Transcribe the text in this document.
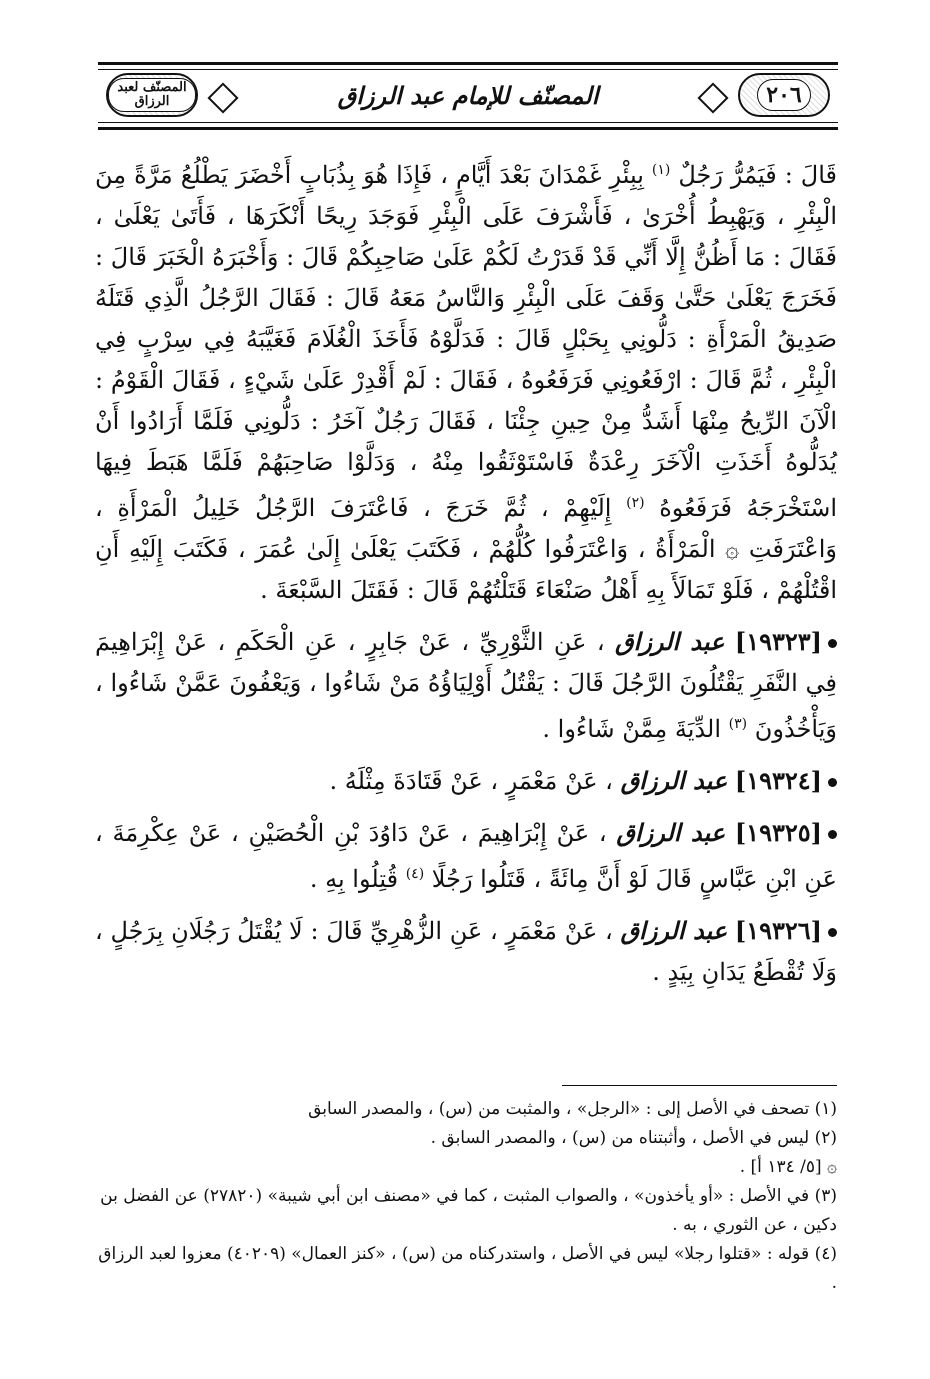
٢٠٦
المصنّف للإمام عبد الرزاق
المصنّف لعبد الرزاق

قَالَ : فَيَمُرُّ رَجُلٌ $^{(١)}$ بِبِئْرِ غَمْدَانَ بَعْدَ أَيَّامٍ ، فَإِذَا هُوَ بِذُبَابٍ أَخْضَرَ يَطْلُعُ مَرَّةً مِنَ الْبِئْرِ ، وَيَهْبِطُ أُخْرَىٰ ، فَأَشْرَفَ عَلَى الْبِئْرِ فَوَجَدَ رِيحًا أَنْكَرَهَا ، فَأَتَىٰ يَعْلَىٰ ، فَقَالَ : مَا أَظُنُّ إِلَّا أَنِّي قَدْ قَدَرْتُ لَكُمْ عَلَىٰ صَاحِبِكُمْ قَالَ : وَأَخْبَرَهُ الْخَبَرَ قَالَ : فَخَرَجَ يَعْلَىٰ حَتَّىٰ وَقَفَ عَلَى الْبِئْرِ وَالنَّاسُ مَعَهُ قَالَ : فَقَالَ الرَّجُلُ الَّذِي قَتَلَهُ صَدِيقُ الْمَرْأَةِ : دَلُّونِي بِحَبْلٍ قَالَ : فَدَلَّوْهُ فَأَخَذَ الْغُلَامَ فَغَيَّبَهُ فِي سِرْبٍ فِي الْبِئْرِ ، ثُمَّ قَالَ : ارْفَعُونِي فَرَفَعُوهُ ، فَقَالَ : لَمْ أَقْدِرْ عَلَىٰ شَيْءٍ ، فَقَالَ الْقَوْمُ : الْآنَ الرِّيحُ مِنْهَا أَشَدُّ مِنْ حِينِ جِئْنَا ، فَقَالَ رَجُلٌ آخَرُ : دَلُّونِي فَلَمَّا أَرَادُوا أَنْ يُدَلُّوهُ أَخَذَتِ الْآخَرَ رِعْدَةٌ فَاسْتَوْثَقُوا مِنْهُ ، وَدَلَّوْا صَاحِبَهُمْ فَلَمَّا هَبَطَ فِيهَا اسْتَخْرَجَهُ فَرَفَعُوهُ $^{(٢)}$ إِلَيْهِمْ ، ثُمَّ خَرَجَ ، فَاعْتَرَفَ الرَّجُلُ خَلِيلُ الْمَرْأَةِ ، وَاعْتَرَفَتِ ۞ الْمَرْأَةُ ، وَاعْتَرَفُوا كُلُّهُمْ ، فَكَتَبَ يَعْلَىٰ إِلَىٰ عُمَرَ ، فَكَتَبَ إِلَيْهِ أَنِ اقْتُلْهُمْ ، فَلَوْ تَمَالَأَ بِهِ أَهْلُ صَنْعَاءَ قَتَلْتُهُمْ قَالَ : فَقَتَلَ السَّبْعَةَ .

[١٩٣٢٣] عبد الرزاق ، عَنِ الثَّوْرِيِّ ، عَنْ جَابِرٍ ، عَنِ الْحَكَمِ ، عَنْ إِبْرَاهِيمَ فِي النَّفَرِ يَقْتُلُونَ الرَّجُلَ قَالَ : يَقْتُلُ أَوْلِيَاؤُهُ مَنْ شَاءُوا ، وَيَعْفُونَ عَمَّنْ شَاءُوا ، وَيَأْخُذُونَ $^{(٣)}$ الدِّيَةَ مِمَّنْ شَاءُوا .

[١٩٣٢٤] عبد الرزاق ، عَنْ مَعْمَرٍ ، عَنْ قَتَادَةَ مِثْلَهُ .

[١٩٣٢٥] عبد الرزاق ، عَنْ إِبْرَاهِيمَ ، عَنْ دَاوُدَ بْنِ الْحُصَيْنِ ، عَنْ عِكْرِمَةَ ، عَنِ ابْنِ عَبَّاسٍ قَالَ لَوْ أَنَّ مِائَةً ، قَتَلُوا رَجُلًا $^{(٤)}$ قُتِلُوا بِهِ .

[١٩٣٢٦] عبد الرزاق ، عَنْ مَعْمَرٍ ، عَنِ الزُّهْرِيِّ قَالَ : لَا يُقْتَلُ رَجُلَانِ بِرَجُلٍ ، وَلَا تُقْطَعُ يَدَانِ بِيَدٍ .

(١) تصحف في الأصل إلى : «الرجل» ، والمثبت من (س) ، والمصدر السابق
(٢) ليس في الأصل ، وأثبتناه من (س) ، والمصدر السابق .
۞ [٥/ ١٣٤ أ] .
(٣) في الأصل : «أو يأخذون» ، والصواب المثبت ، كما في «مصنف ابن أبي شيبة» (٢٧٨٢٠) عن الفضل بن دكين ، عن الثوري ، به .
(٤) قوله : «قتلوا رجلا» ليس في الأصل ، واستدركناه من (س) ، «كنز العمال» (٤٠٢٠٩) معزوا لعبد الرزاق .
